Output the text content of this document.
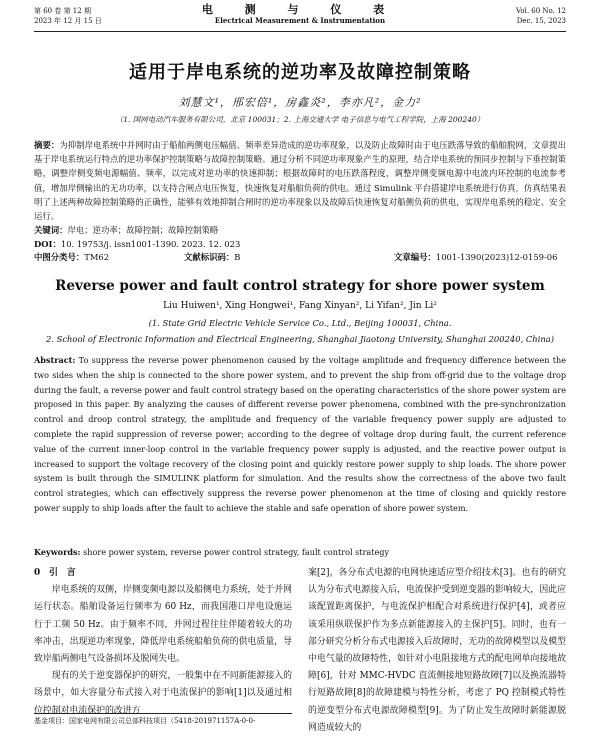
第 60 卷 第 12 期
2023 年 12 月 15 日
电 测 与 仪 表
Electrical Measurement & Instrumentation
Vol. 60 No. 12
Dec. 15, 2023
适用于岸电系统的逆功率及故障控制策略
刘慧文¹，邢宏倍¹，房鑫炎²，李亦凡²，金力²
（1. 国网电动汽车服务有限公司，北京 100031；2. 上海交通大学 电子信息与电气工程学院，上海 200240）
摘要：为抑制岸电系统中并网时由于船舶两侧电压幅值、频率差异造成的逆功率现象，以及防止故障时由于电压跌落导致的船舶脱网，文章提出基于岸电系统运行特点的逆功率保护控制策略与故障控制策略。通过分析不同逆功率现象产生的原理，结合岸电系统的预同步控制与下垂控制策略，调整岸侧变频电源幅值、频率，以完成对逆功率的快速抑制；根据故障时的电压跌落程度，调整岸侧变频电源中电流内环控制的电流参考值，增加岸侧输出的无功功率，以支持合闸点电压恢复，快速恢复对船舶负荷的供电。通过 Simulink 平台搭建岸电系统进行仿真，仿真结果表明了上述两种故障控制策略的正确性，能够有效地抑制合闸时的逆功率现象以及故障后快速恢复对船侧负荷的供电，实现岸电系统的稳定、安全运行。
关键词：岸电；逆功率；故障控制；故障控制策略
DOI：10. 19753/j. issn1001-1390. 2023. 12. 023
中图分类号：TM62	文献标识码：B	文章编号：1001-1390(2023)12-0159-06
Reverse power and fault control strategy for shore power system
Liu Huiwen¹, Xing Hongwei¹, Fang Xinyan², Li Yifan², Jin Li²
(1. State Grid Electric Vehicle Service Co., Ltd., Beijing 100031, China.
2. School of Electronic Information and Electrical Engineering, Shanghai Jiaotong University, Shanghai 200240, China)
Abstract: To suppress the reverse power phenomenon caused by the voltage amplitude and frequency difference between the two sides when the ship is connected to the shore power system, and to prevent the ship from off-grid due to the voltage drop during the fault, a reverse power and fault control strategy based on the operating characteristics of the shore power system are proposed in this paper. By analyzing the causes of different reverse power phenomena, combined with the pre-synchronization control and droop control strategy, the amplitude and frequency of the variable frequency power supply are adjusted to complete the rapid suppression of reverse power; according to the degree of voltage drop during fault, the current reference value of the current inner-loop control in the variable frequency power supply is adjusted, and the reactive power output is increased to support the voltage recovery of the closing point and quickly restore power supply to ship loads. The shore power system is built through the SIMULINK platform for simulation. And the results show the correctness of the above two fault control strategies, which can effectively suppress the reverse power phenomenon at the time of closing and quickly restore power supply to ship loads after the fault to achieve the stable and safe operation of shore power system.
Keywords: shore power system, reverse power control strategy, fault control strategy
0　引　言

岸电系统的双侧，岸侧变频电源以及船侧电力系统，处于并网运行状态。船舶设备运行频率为 60 Hz，而我国港口岸电设施运行于工频 50 Hz。由于频率不同，并网过程往往伴随着较大的功率冲击，出现逆功率现象，降低岸电系统船舶负荷的供电质量，导致岸船两侧电气设备损坏及脱网失电。

现有的关于逆变器保护的研究，一般集中在不同新能源接入的场景中，如大容量分布式接入对于电流保护的影响[1]以及通过相位控制对电流保护的改进方

案[2]，各分布式电源的电网快速适应型介绍技术[3]。也有的研究认为分布式电源接入后，电流保护受到逆变器的影响较大，因此应该配置距离保护，与电流保护相配合对系统进行保护[4]，或者应该采用纵联保护作为多点新能源接入的主保护[5]。同时，也有一部分研究分析分布式电源接入后故障时，无功的故障模型以及模型中电气量的故障特性，如针对小电阻接地方式的配电网单向接地故障[6]，针对 MMC-HVDC 直流侧接地短路故障[7]以及换流器特行短路故障[8]的故障建模与特性分析，考虑了 PQ 控制模式特性的逆变型分布式电源故障模型[9]。为了防止发生故障时新能源脱网造成较大的

基金项目：国家电网有限公司总部科技项目（5418-201971157A-0-0-
